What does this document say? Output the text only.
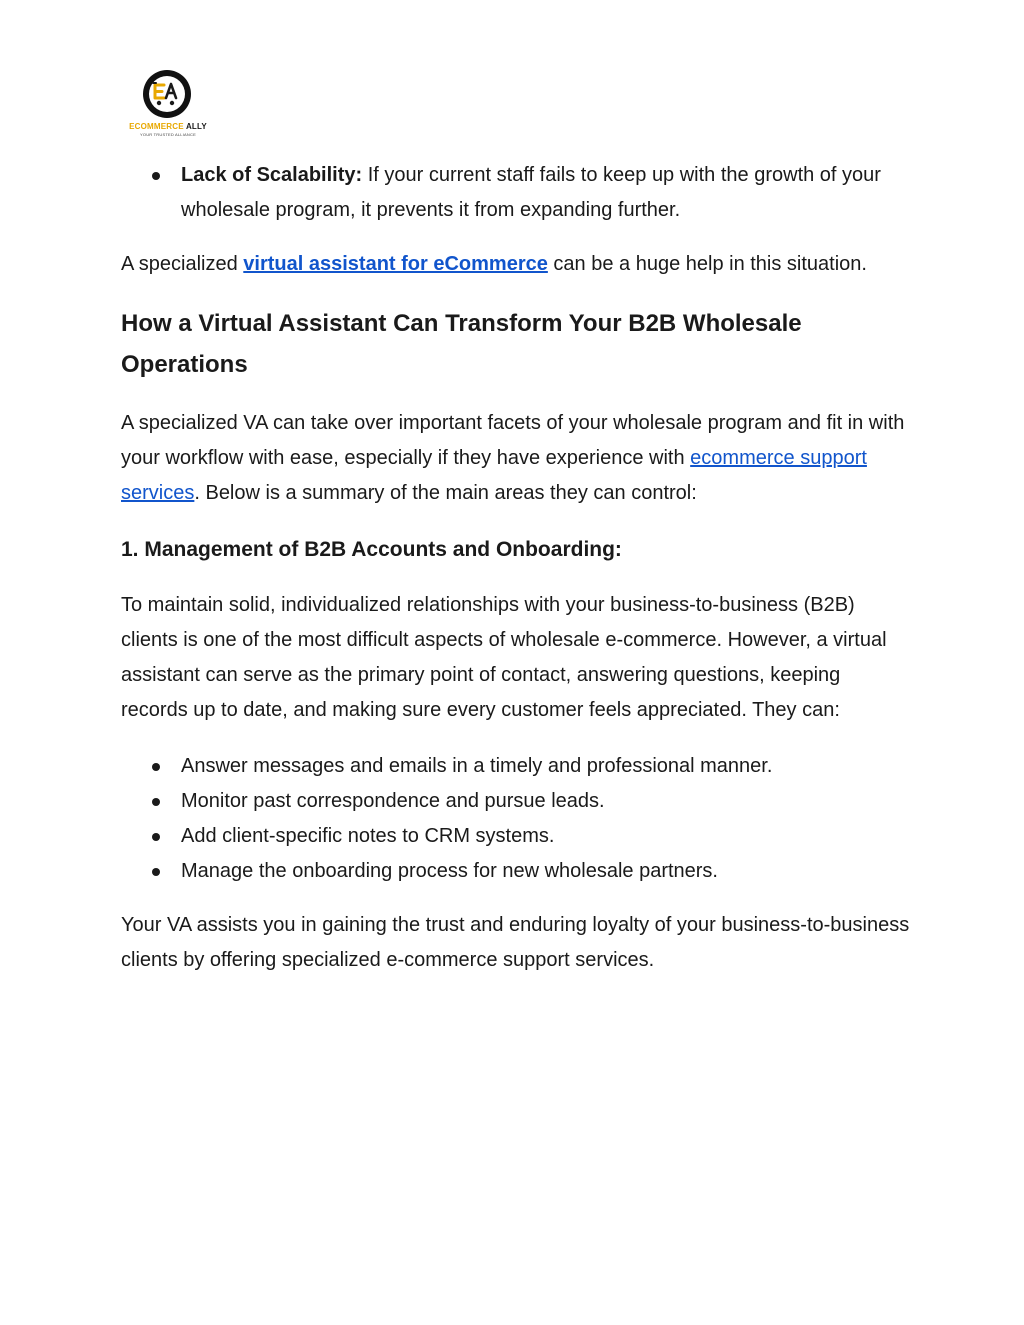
ECOMMERCE ALLY
YOUR TRUSTED ALLIANCE
Lack of Scalability: If your current staff fails to keep up with the growth of your wholesale program, it prevents it from expanding further.

A specialized virtual assistant for eCommerce can be a huge help in this situation.

How a Virtual Assistant Can Transform Your B2B Wholesale Operations

A specialized VA can take over important facets of your wholesale program and fit in with your workflow with ease, especially if they have experience with ecommerce support services. Below is a summary of the main areas they can control:

1. Management of B2B Accounts and Onboarding:

To maintain solid, individualized relationships with your business-to-business (B2B) clients is one of the most difficult aspects of wholesale e-commerce. However, a virtual assistant can serve as the primary point of contact, answering questions, keeping records up to date, and making sure every customer feels appreciated. They can:

Answer messages and emails in a timely and professional manner.
Monitor past correspondence and pursue leads.
Add client-specific notes to CRM systems.
Manage the onboarding process for new wholesale partners.

Your VA assists you in gaining the trust and enduring loyalty of your business-to-business clients by offering specialized e-commerce support services.
